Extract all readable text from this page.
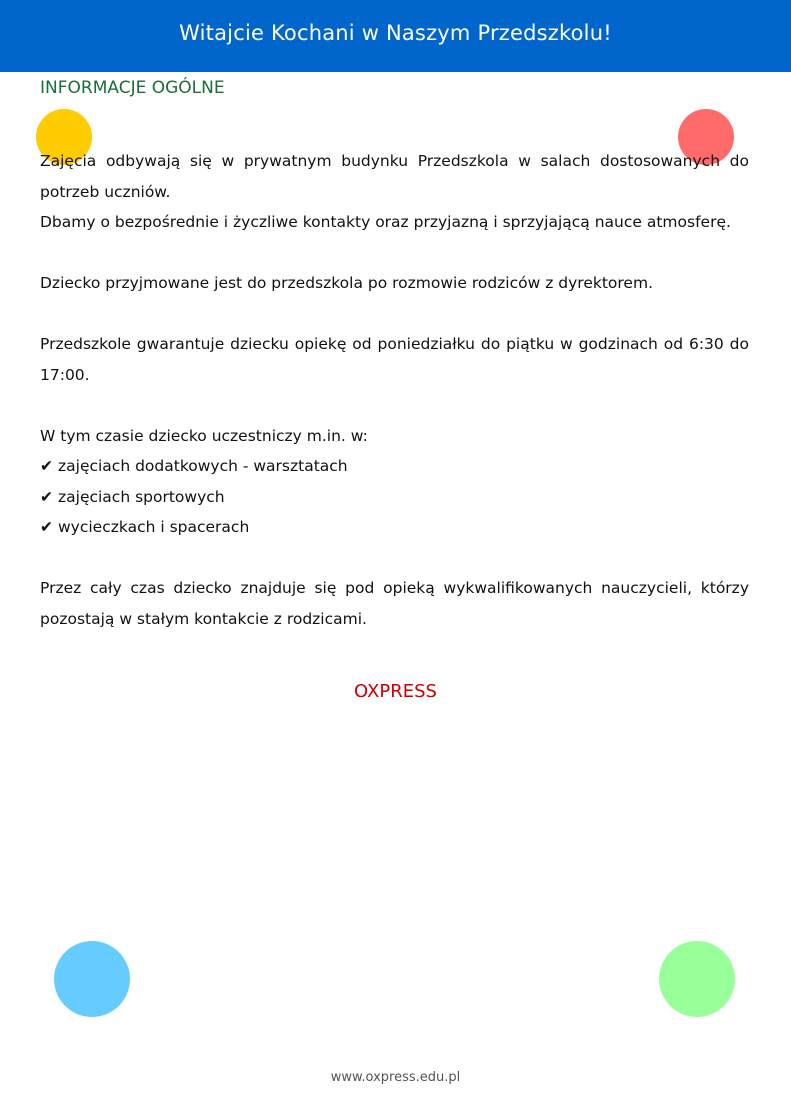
Witajcie Kochani w Naszym Przedszkolu!
INFORMACJE OGÓLNE

Zajęcia odbywają się w prywatnym budynku Przedszkola w salach dostosowanych do potrzeb uczniów.

Dbamy o bezpośrednie i życzliwe kontakty oraz przyjazną i sprzyjającą nauce atmosferę.

Dziecko przyjmowane jest do przedszkola po rozmowie rodziców z dyrektorem.

Przedszkole gwarantuje dziecku opiekę od poniedziałku do piątku w godzinach od 6:30 do 17:00.

W tym czasie dziecko uczestniczy m.in. w:

✔ zajęciach dodatkowych - warsztatach
✔ zajęciach sportowych
✔ wycieczkach i spacerach

Przez cały czas dziecko znajduje się pod opieką wykwalifikowanych nauczycieli, którzy pozostają w stałym kontakcie z rodzicami.

OXPRESS
www.oxpress.edu.pl
